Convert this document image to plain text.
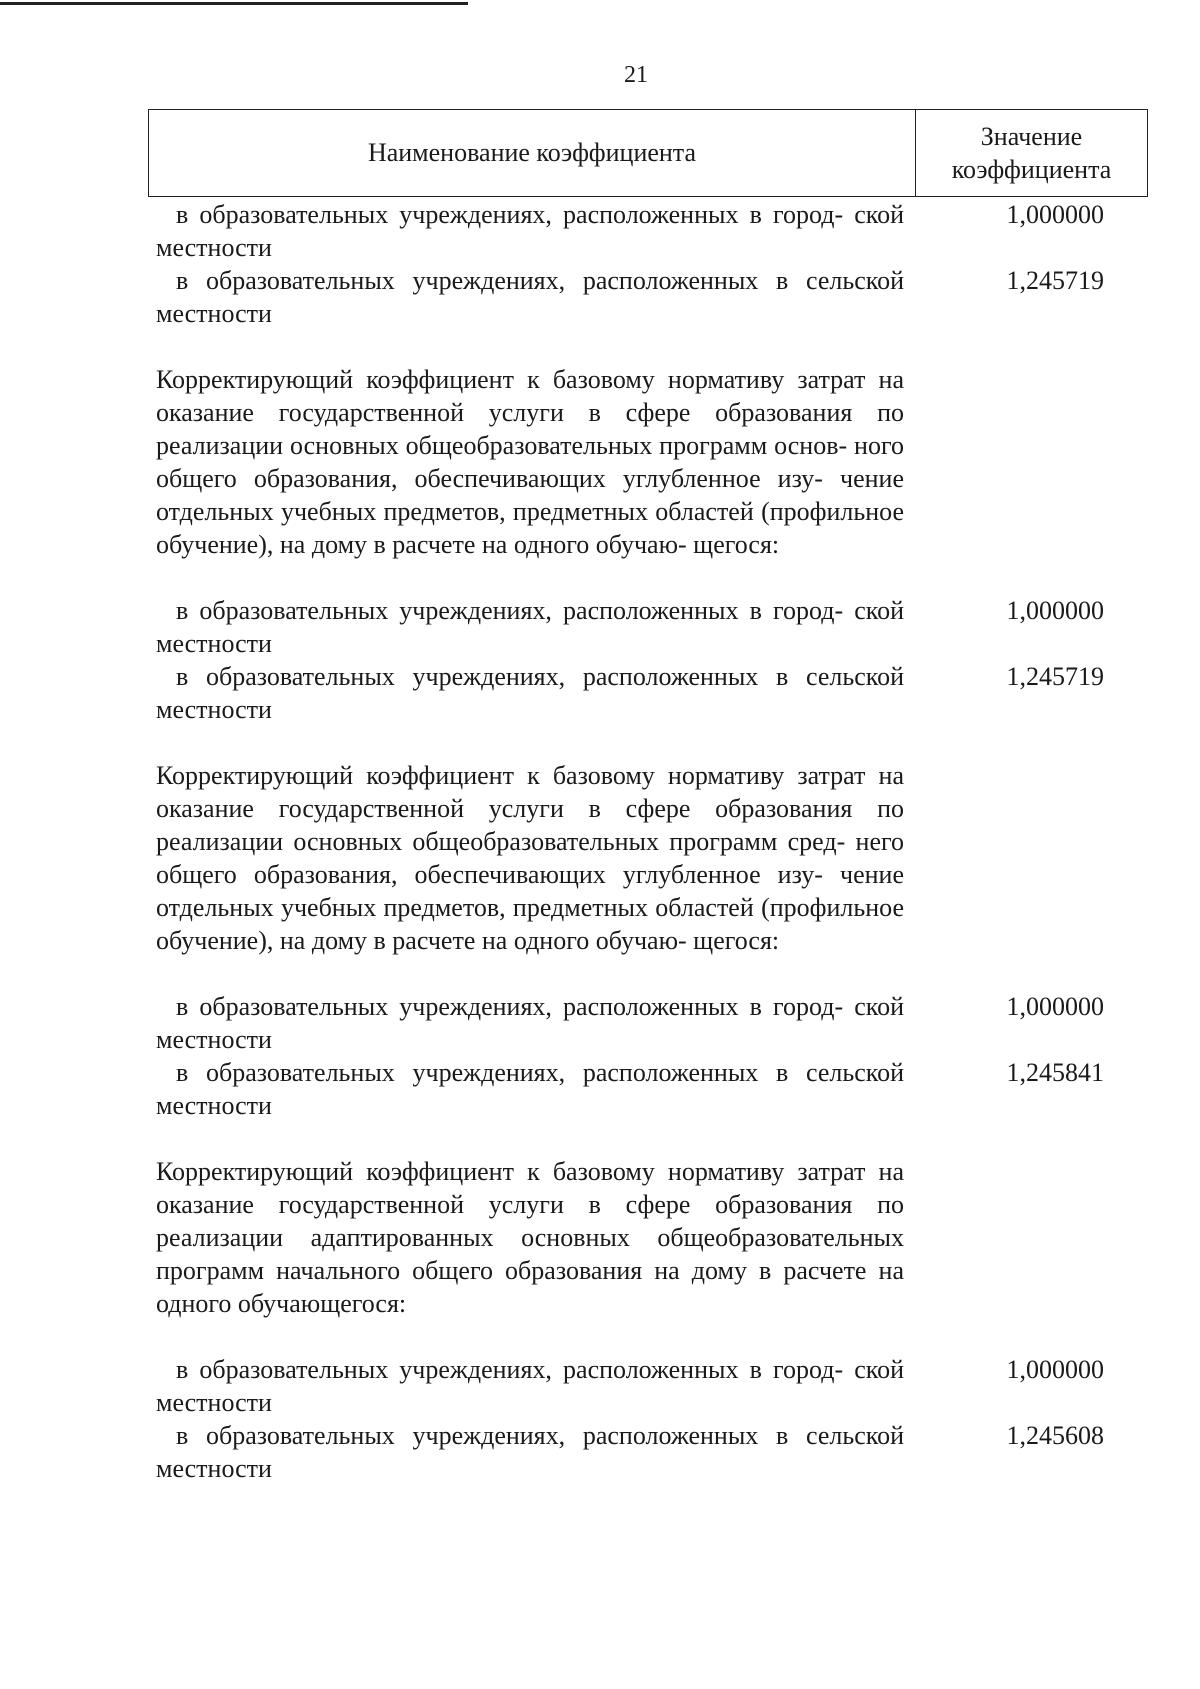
21
Наименование коэффициента
Значение
коэффициента
в образовательных учреждениях, расположенных в город- ской местности
1,000000
в образовательных учреждениях, расположенных в сельской местности
1,245719
Корректирующий коэффициент к базовому нормативу затрат на оказание государственной услуги в сфере образования по реализации основных общеобразовательных программ основ- ного общего образования, обеспечивающих углубленное изу- чение отдельных учебных предметов, предметных областей (профильное обучение), на дому в расчете на одного обучаю- щегося:
в образовательных учреждениях, расположенных в город- ской местности
1,000000
в образовательных учреждениях, расположенных в сельской местности
1,245719
Корректирующий коэффициент к базовому нормативу затрат на оказание государственной услуги в сфере образования по реализации основных общеобразовательных программ сред- него общего образования, обеспечивающих углубленное изу- чение отдельных учебных предметов, предметных областей (профильное обучение), на дому в расчете на одного обучаю- щегося:
в образовательных учреждениях, расположенных в город- ской местности
1,000000
в образовательных учреждениях, расположенных в сельской местности
1,245841
Корректирующий коэффициент к базовому нормативу затрат на оказание государственной услуги в сфере образования по реализации адаптированных основных общеобразовательных программ начального общего образования на дому в расчете на одного обучающегося:
в образовательных учреждениях, расположенных в город- ской местности
1,000000
в образовательных учреждениях, расположенных в сельской местности
1,245608
